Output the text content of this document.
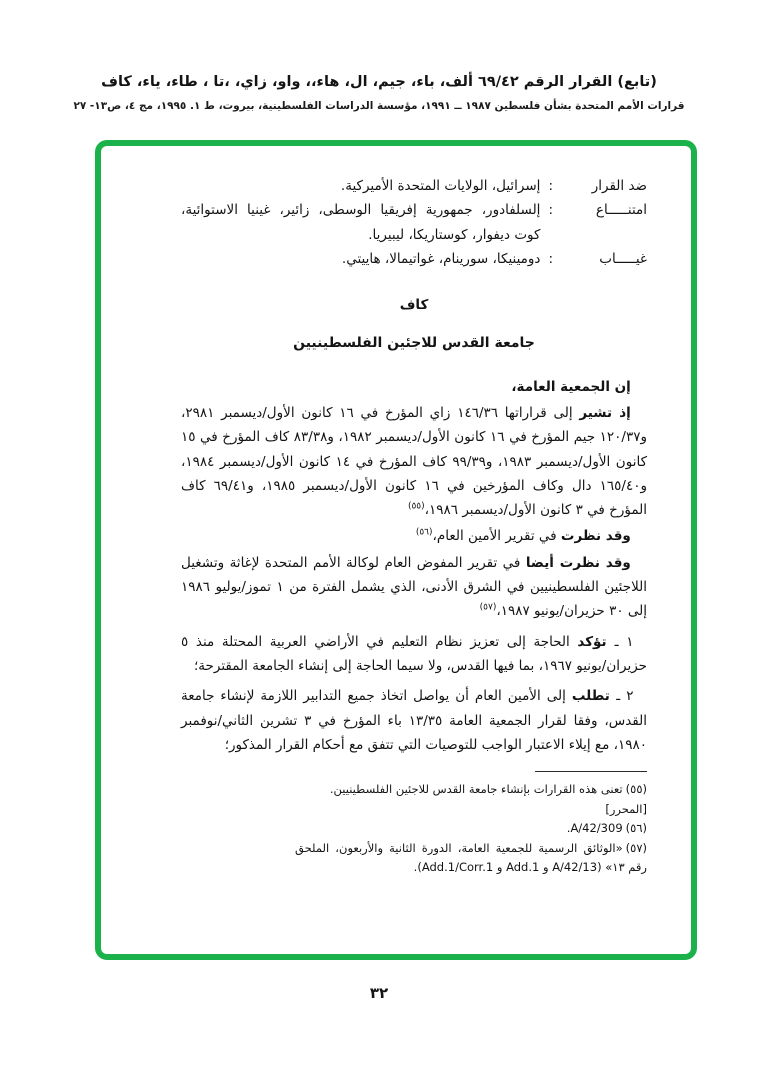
(تابع) القرار الرقم ٦٩/٤٢ ألف، باء، جيم، ال، هاء،، واو، زاي، ،تا ، طاء، ياء، كاف
قرارات الأمم المتحدة بشأن فلسطين ١٩٨٧ ــ ١٩٩١، مؤسسة الدراسات الفلسطينية، بيروت، ط ١. ١٩٩٥، مج ٤، ص١٣- ٢٧
ضد القرار
:
إسرائيل، الولايات المتحدة الأميركية.
امتنـــــاع
:
إلسلفادور، جمهورية إفريقيا الوسطى، زائير، غينيا الاستوائية، كوت ديفوار، كوستاريكا، ليبيريا.
غيـــــاب
:
دومينيكا، سورينام، غواتيمالا، هاييتي.
كاف
جامعة القدس للاجئين الفلسطينيين

إن الجمعية العامة،

إذ تشير إلى قراراتها ١٤٦/٣٦ زاي المؤرخ في ١٦ كانون الأول/ديسمبر ٢٩٨١، و١٢٠/٣٧ جيم المؤرخ في ١٦ كانون الأول/ديسمبر ١٩٨٢، و٨٣/٣٨ كاف المؤرخ في ١٥ كانون الأول/ديسمبر ١٩٨٣، و٩٩/٣٩ كاف المؤرخ في ١٤ كانون الأول/ديسمبر ١٩٨٤، و١٦٥/٤٠ دال وكاف المؤرخين في ١٦ كانون الأول/ديسمبر ١٩٨٥، و٦٩/٤١ كاف المؤرخ في ٣ كانون الأول/ديسمبر ١٩٨٦،$^{(٥٥)}$

وقد نظرت في تقرير الأمين العام،$^{(٥٦)}$

وقد نظرت أيضا في تقرير المفوض العام لوكالة الأمم المتحدة لإغاثة وتشغيل اللاجئين الفلسطينيين في الشرق الأدنى، الذي يشمل الفترة من ١ تموز/يوليو ١٩٨٦ إلى ٣٠ حزيران/يونيو ١٩٨٧،$^{(٥٧)}$

١ ـ تؤكد الحاجة إلى تعزيز نظام التعليم في الأراضي العربية المحتلة منذ ٥ حزيران/يونيو ١٩٦٧، بما فيها القدس، ولا سيما الحاجة إلى إنشاء الجامعة المقترحة؛

٢ ـ تطلب إلى الأمين العام أن يواصل اتخاذ جميع التدابير اللازمة لإنشاء جامعة القدس، وفقا لقرار الجمعية العامة ١٣/٣٥ باء المؤرخ في ٣ تشرين الثاني/نوفمبر ١٩٨٠، مع إيلاء الاعتبار الواجب للتوصيات التي تتفق مع أحكام القرار المذكور؛

(٥٥)تعنى هذه القرارات بإنشاء جامعة القدس للاجئين الفلسطينيين.

[المحرر]

(٥٦)A/42/309.

(٥٧)«الوثائق الرسمية للجمعية العامة، الدورة الثانية والأربعون، الملحق رقم ١٣» (A/42/13 و Add.1 و Add.1/Corr.1).

٣٢
